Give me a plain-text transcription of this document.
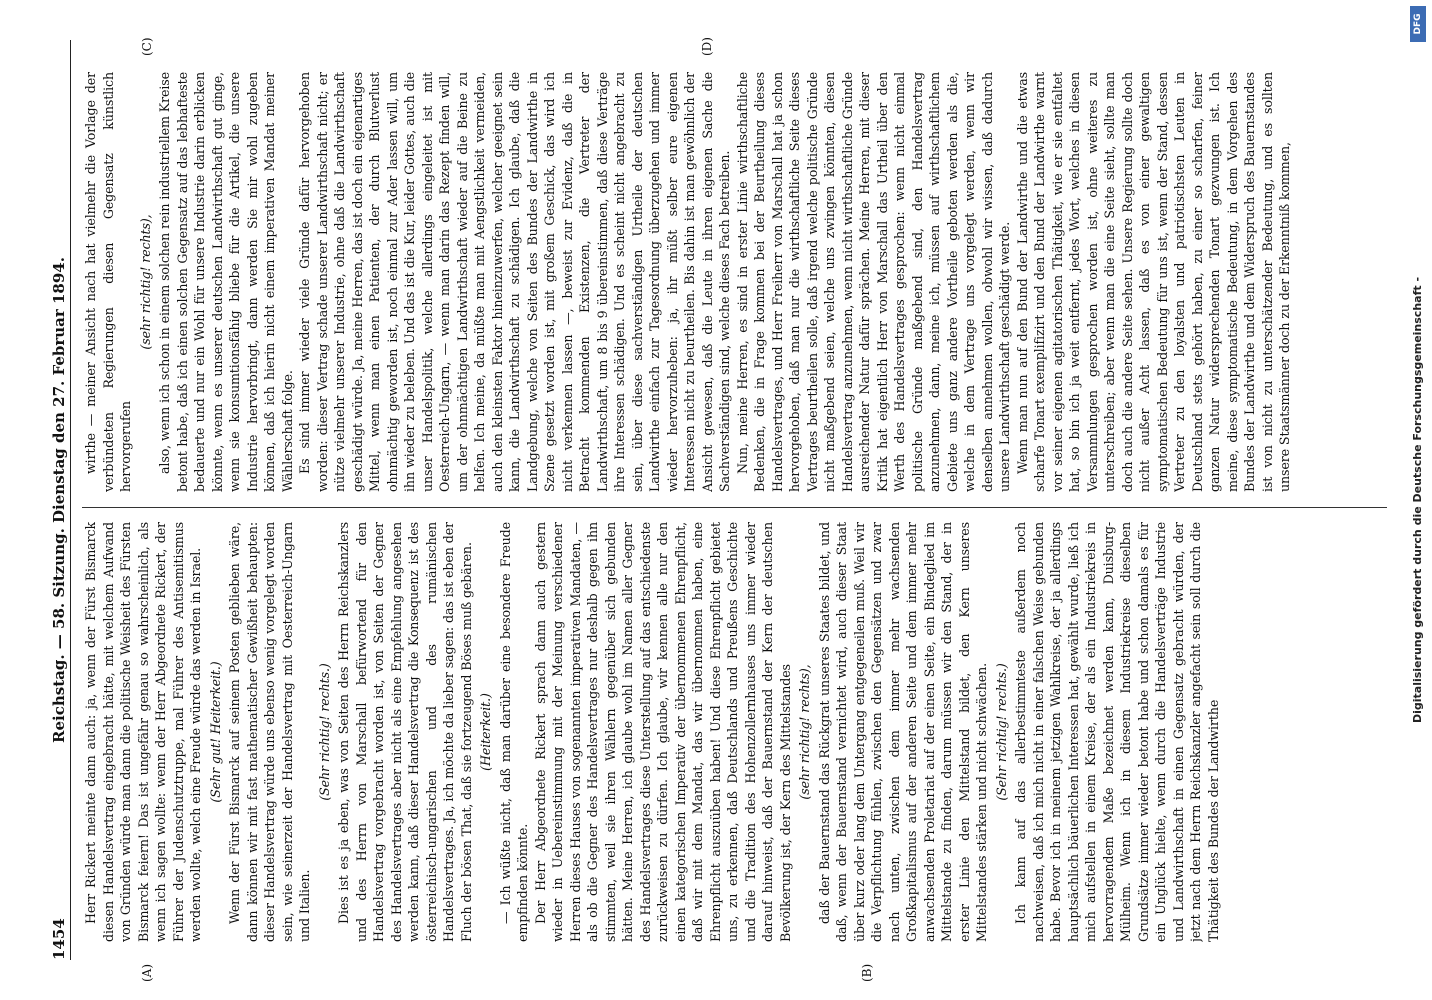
1454
Reichstag. — 58. Sitzung. Dienstag den 27. Februar 1894.
(A)	(B)
(C)	(D)

Herr Rickert meinte dann auch: ja, wenn der Fürst Bismarck diesen Handelsvertrag eingebracht hätte, mit welchem Aufwand von Gründen würde man dann die politische Weisheit des Fürsten Bismarck feiern! Das ist ungefähr genau so wahrscheinlich, als wenn ich sagen wollte: wenn der Herr Abgeordnete Rickert, der Führer der Judenschutztruppe, mal Führer des Antisemitismus werden wollte, welch eine Freude würde das werden in Israel. (Sehr gut! Heiterkeit.) Wenn der Fürst Bismarck auf seinem Posten geblieben wäre, dann können wir mit fast mathematischer Gewißheit behaupten: dieser Handelsvertrag würde uns ebenso wenig vorgelegt worden sein, wie seinerzeit der Handelsvertrag mit Oesterreich-Ungarn und Italien.

(Sehr richtig! rechts.) Dies ist es ja eben, was von Seiten des Herrn Reichskanzlers und des Herrn von Marschall befürwortend für den Handelsvertrag vorgebracht worden ist, von Seiten der Gegner des Handelsvertrages aber nicht als eine Empfehlung angesehen werden kann, daß dieser Handelsvertrag die Konsequenz ist des österreichisch-ungarischen und des rumänischen Handelsvertrages. Ja, ich möchte da lieber sagen: das ist eben der Fluch der bösen That, daß sie fortzeugend Böses muß gebären. (Heiterkeit.) — Ich wüßte nicht, daß man darüber eine besondere Freude empfinden könnte. Der Herr Abgeordnete Rickert sprach dann auch gestern wieder in Uebereinstimmung mit der Meinung verschiedener Herren dieses Hauses von sogenannten imperativen Mandaten, — als ob die Gegner des Handelsvertrages nur deshalb gegen ihn stimmten, weil sie ihren Wählern gegenüber sich gebunden hätten. Meine Herren, ich glaube wohl im Namen aller Gegner des Handelsvertrages diese Unterstellung auf das entschiedenste zurückweisen zu dürfen. Ich glaube, wir kennen alle nur den einen kategorischen Imperativ der übernommenen Ehrenpflicht, daß wir mit dem Mandat, das wir übernommen haben, eine Ehrenpflicht auszuüben haben! Und diese Ehrenpflicht gebietet uns, zu erkennen, daß Deutschlands und Preußens Geschichte und die Tradition des Hohenzollernhauses uns immer wieder darauf hinweist, daß der Bauernstand der Kern der deutschen Bevölkerung ist, der Kern des Mittelstandes (sehr richtig! rechts), daß der Bauernstand das Rückgrat unseres Staates bildet, und daß, wenn der Bauernstand vernichtet wird, auch dieser Staat über kurz oder lang dem Untergang entgegeneilen muß. Weil wir die Verpflichtung fühlen, zwischen den Gegensätzen und zwar nach unten, zwischen dem immer mehr wachsenden Großkapitalismus auf der anderen Seite und dem immer mehr anwachsenden Proletariat auf der einen Seite, ein Bindeglied im Mittelstande zu finden, darum müssen wir den Stand, der in erster Linie den Mittelstand bildet, den Kern unseres Mittelstandes stärken und nicht schwächen. (Sehr richtig! rechts.) Ich kann auf das allerbestimmteste außerdem noch nachweisen, daß ich mich nicht in einer falschen Weise gebunden habe. Bevor ich in meinem jetzigen Wahlkreise, der ja allerdings hauptsächlich bäuerlichen Interessen hat, gewählt wurde, ließ ich mich aufstellen in einem Kreise, der als ein Industriekreis in hervorragendem Maße bezeichnet werden kann, Duisburg-Mülheim. Wenn ich in diesem Industriekreise dieselben Grundsätze immer wieder betont habe und schon damals es für ein Unglück hielte, wenn durch die Handelsverträge Industrie und Landwirthschaft in einen Gegensatz gebracht würden, der jetzt nach dem Herrn Reichskanzler angefacht sein soll durch die Thätigkeit des Bundes der Landwirthe

wirthe — meiner Ansicht nach hat vielmehr die Vorlage der verbündeten Regierungen diesen Gegensatz künstlich hervorgerufen

(sehr richtig! rechts), also, wenn ich schon in einem solchen rein industriellem Kreise betont habe, daß ich einen solchen Gegensatz auf das lebhafteste bedauerte und nur ein Wohl für unsere Industrie darin erblicken könnte, wenn es unserer deutschen Landwirthschaft gut ginge, wenn sie konsumtionsfähig bliebe für die Artikel, die unsere Industrie hervorbringt, dann werden Sie mir wohl zugeben können, daß ich hierin nicht einem imperativen Mandat meiner Wählerschaft folge. Es sind immer wieder viele Gründe dafür hervorgehoben worden: dieser Vertrag schade unserer Landwirthschaft nicht; er nütze vielmehr unserer Industrie, ohne daß die Landwirthschaft geschädigt würde. Ja, meine Herren, das ist doch ein eigenartiges Mittel, wenn man einen Patienten, der durch Blutverlust ohnmächtig geworden ist, noch einmal zur Ader lassen will, um ihn wieder zu beleben. Und das ist die Kur, leider Gottes, auch die unser Handelspolitik, welche allerdings eingeleitet ist mit Oesterreich-Ungarn, — wenn man darin das Rezept finden will, um der ohnmächtigen Landwirthschaft wieder auf die Beine zu helfen. Ich meine, da müßte man mit Aengstlichkeit vermeiden, auch den kleinsten Faktor hineinzuwerfen, welcher geeignet sein kann, die Landwirthschaft zu schädigen. Ich glaube, daß die Landgebung, welche von Seiten des Bundes der Landwirthe in Szene gesetzt worden ist, mit großem Geschick, das wird ich nicht verkennen lassen —, beweist zur Evidenz, daß die in Betracht kommenden Existenzen, die Vertreter der Landwirthschaft, um 8 bis 9 übereinstimmen, daß diese Verträge ihre Interessen schädigen. Und es scheint nicht angebracht zu sein, über diese sachverständigen Urtheile der deutschen Landwirthe einfach zur Tagesordnung überzugehen und immer wieder hervorzuheben: ja, ihr müßt selber eure eigenen Interessen nicht zu beurtheilen. Bis dahin ist man gewöhnlich der Ansicht gewesen, daß die Leute in ihren eigenen Sache die Sachverständigen sind, welche dieses Fach betreiben. Nun, meine Herren, es sind in erster Linie wirthschaftliche Bedenken, die in Frage kommen bei der Beurtheilung dieses Handelsvertrages, und Herr Freiherr von Marschall hat ja schon hervorgehoben, daß man nur die wirthschaftliche Seite dieses Vertrages beurtheilen solle, daß irgend welche politische Gründe nicht maßgebend seien, welche uns zwingen könnten, diesen Handelsvertrag anzunehmen, wenn nicht wirthschaftliche Gründe ausreichender Natur dafür sprächen. Meine Herren, mit dieser Kritik hat eigentlich Herr von Marschall das Urtheil über den Werth des Handelsvertrages gesprochen: wenn nicht einmal politische Gründe maßgebend sind, den Handelsvertrag anzunehmen, dann, meine ich, müssen auf wirthschaftlichem Gebiete uns ganz andere Vortheile geboten werden als die, welche in dem Vertrage uns vorgelegt werden, wenn wir denselben annehmen wollen, obwohl wir wissen, daß dadurch unsere Landwirthschaft geschädigt werde. Wenn man nun auf den Bund der Landwirthe und die etwas scharfe Tonart exemplifizirt und den Bund der Landwirthe warnt vor seiner eigenen agitatorischen Thätigkeit, wie er sie entfaltet hat, so bin ich ja weit entfernt, jedes Wort, welches in diesen Versammlungen gesprochen worden ist, ohne weiteres zu unterschreiben; aber wenn man die eine Seite sieht, sollte man doch auch die andere Seite sehen. Unsere Regierung sollte doch nicht außer Acht lassen, daß es von einer gewaltigen symptomatischen Bedeutung für uns ist, wenn der Stand, dessen Vertreter zu den loyalsten und patriotischsten Leuten in Deutschland stets gehört haben, zu einer so scharfen, feiner ganzen Natur widersprechenden Tonart gezwungen ist. Ich meine, diese symptomatische Bedeutung, in dem Vorgehen des Bundes der Landwirthe und dem Widerspruch des Bauernstandes ist von nicht zu unterschätzender Bedeutung, und es sollten unsere Staatsmänner doch zu der Erkenntniß kommen,	Digitalisierung gefördert durch die Deutsche Forschungsgemeinschaft -
DFG
